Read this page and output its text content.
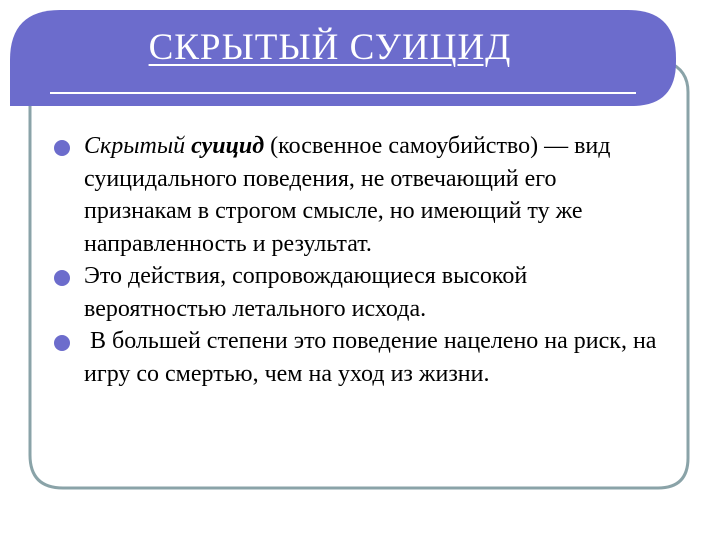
СКРЫТЫЙ СУИЦИД
Скрытый суицид (косвенное самоубийство) — вид суицидального поведения, не отвечающий его признакам в строгом смысле, но имеющий ту же направленность и результат.
Это действия, сопровождающиеся высокой вероятностью летального исхода.
В большей степени это поведение нацелено на риск, на игру со смертью, чем на уход из жизни.
